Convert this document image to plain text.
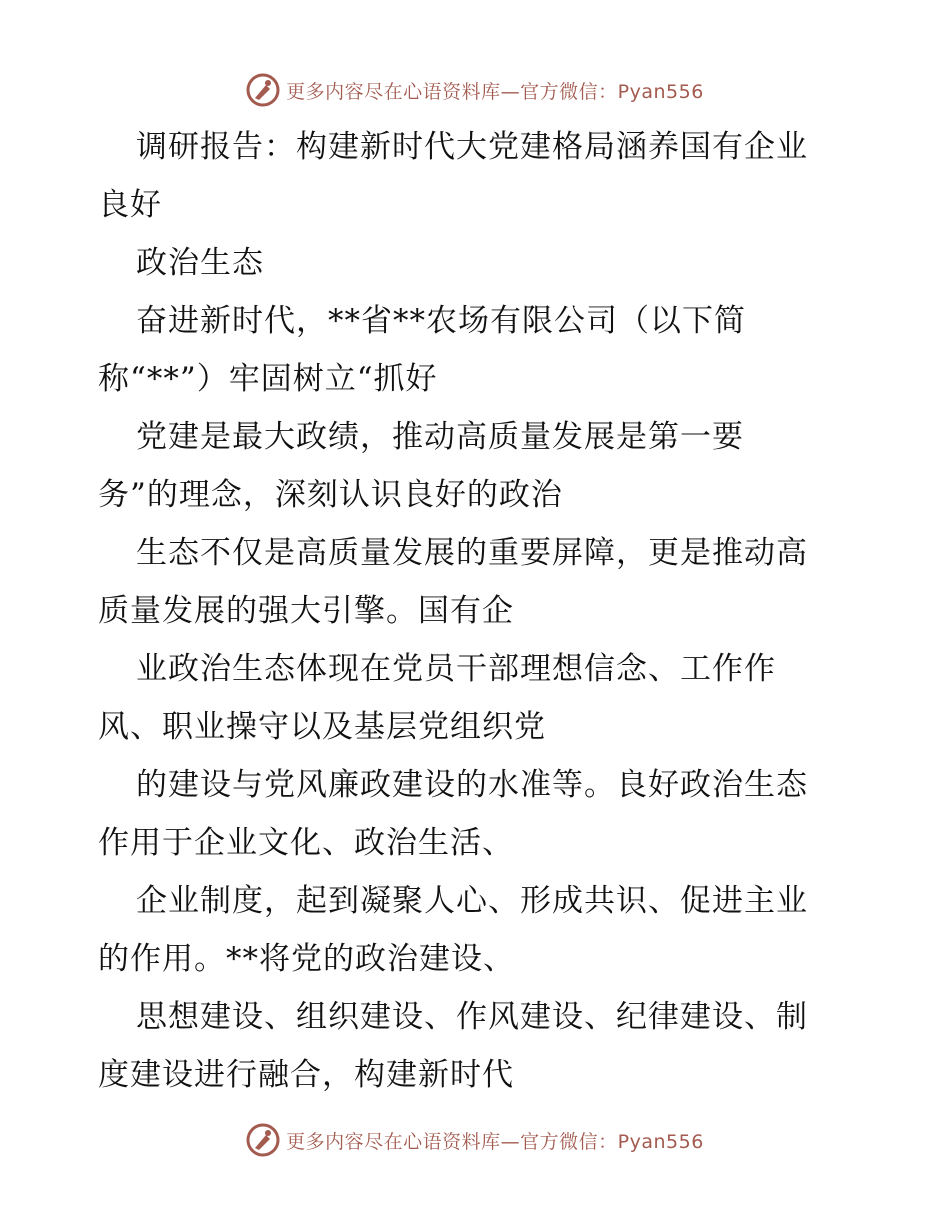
更多内容尽在心语资料库—官方微信：Pyan556
调研报告：构建新时代大党建格局涵养国有企业
良好
政治生态
奋进新时代，**省**农场有限公司（以下简
称“**”）牢固树立“抓好
党建是最大政绩，推动高质量发展是第一要
务”的理念，深刻认识良好的政治
生态不仅是高质量发展的重要屏障，更是推动高
质量发展的强大引擎。国有企
业政治生态体现在党员干部理想信念、工作作
风、职业操守以及基层党组织党
的建设与党风廉政建设的水准等。良好政治生态
作用于企业文化、政治生活、
企业制度，起到凝聚人心、形成共识、促进主业
的作用。**将党的政治建设、
思想建设、组织建设、作风建设、纪律建设、制
度建设进行融合，构建新时代
更多内容尽在心语资料库—官方微信：Pyan556
